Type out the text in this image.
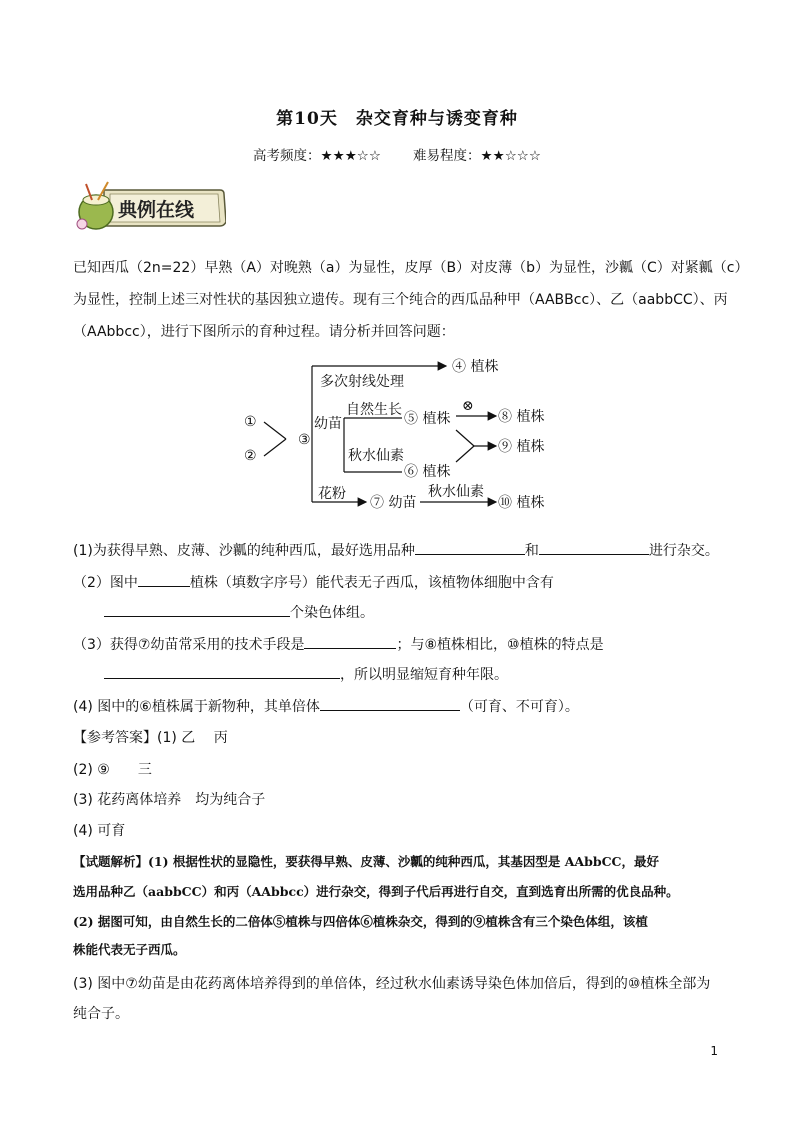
第10天　杂交育种与诱变育种
高考频度：★★★☆☆ 难易程度：★★☆☆☆
典例在线
已知西瓜（2n=22）早熟（A）对晚熟（a）为显性，皮厚（B）对皮薄（b）为显性，沙瓤（C）对紧瓤（c）
为显性，控制上述三对性状的基因独立遗传。现有三个纯合的西瓜品种甲（AABBcc）、乙（aabbCC）、丙
（AAbbcc），进行下图所示的育种过程。请分析并回答问题：
①
②
③
多次射线处理
④ 植株
幼苗
自然生长
⑤ 植株
⊗
⑧ 植株
秋水仙素
⑥ 植株
⑨ 植株
花粉
⑦ 幼苗
秋水仙素
⑩ 植株
(1)为获得早熟、皮薄、沙瓤的纯种西瓜，最好选用品种	和	进行杂交。
（2）图中	植株（填数字序号）能代表无子西瓜，该植物体细胞中含有
个染色体组。
（3）获得⑦幼苗常采用的技术手段是	；与⑧植株相比，⑩植株的特点是
，所以明显缩短育种年限。
(4) 图中的⑥植株属于新物种，其单倍体	（可育、不可育）。
【参考答案】(1) 乙　 丙
(2) ⑨　　三
(3) 花药离体培养　均为纯合子
(4) 可育
【试题解析】(1) 根据性状的显隐性，要获得早熟、皮薄、沙瓤的纯种西瓜，其基因型是 AAbbCC，最好
选用品种乙（aabbCC）和丙（AAbbcc）进行杂交，得到子代后再进行自交，直到选育出所需的优良品种。
(2) 据图可知，由自然生长的二倍体⑤植株与四倍体⑥植株杂交，得到的⑨植株含有三个染色体组，该植
株能代表无子西瓜。
(3) 图中⑦幼苗是由花药离体培养得到的单倍体，经过秋水仙素诱导染色体加倍后，得到的⑩植株全部为
纯合子。
1
